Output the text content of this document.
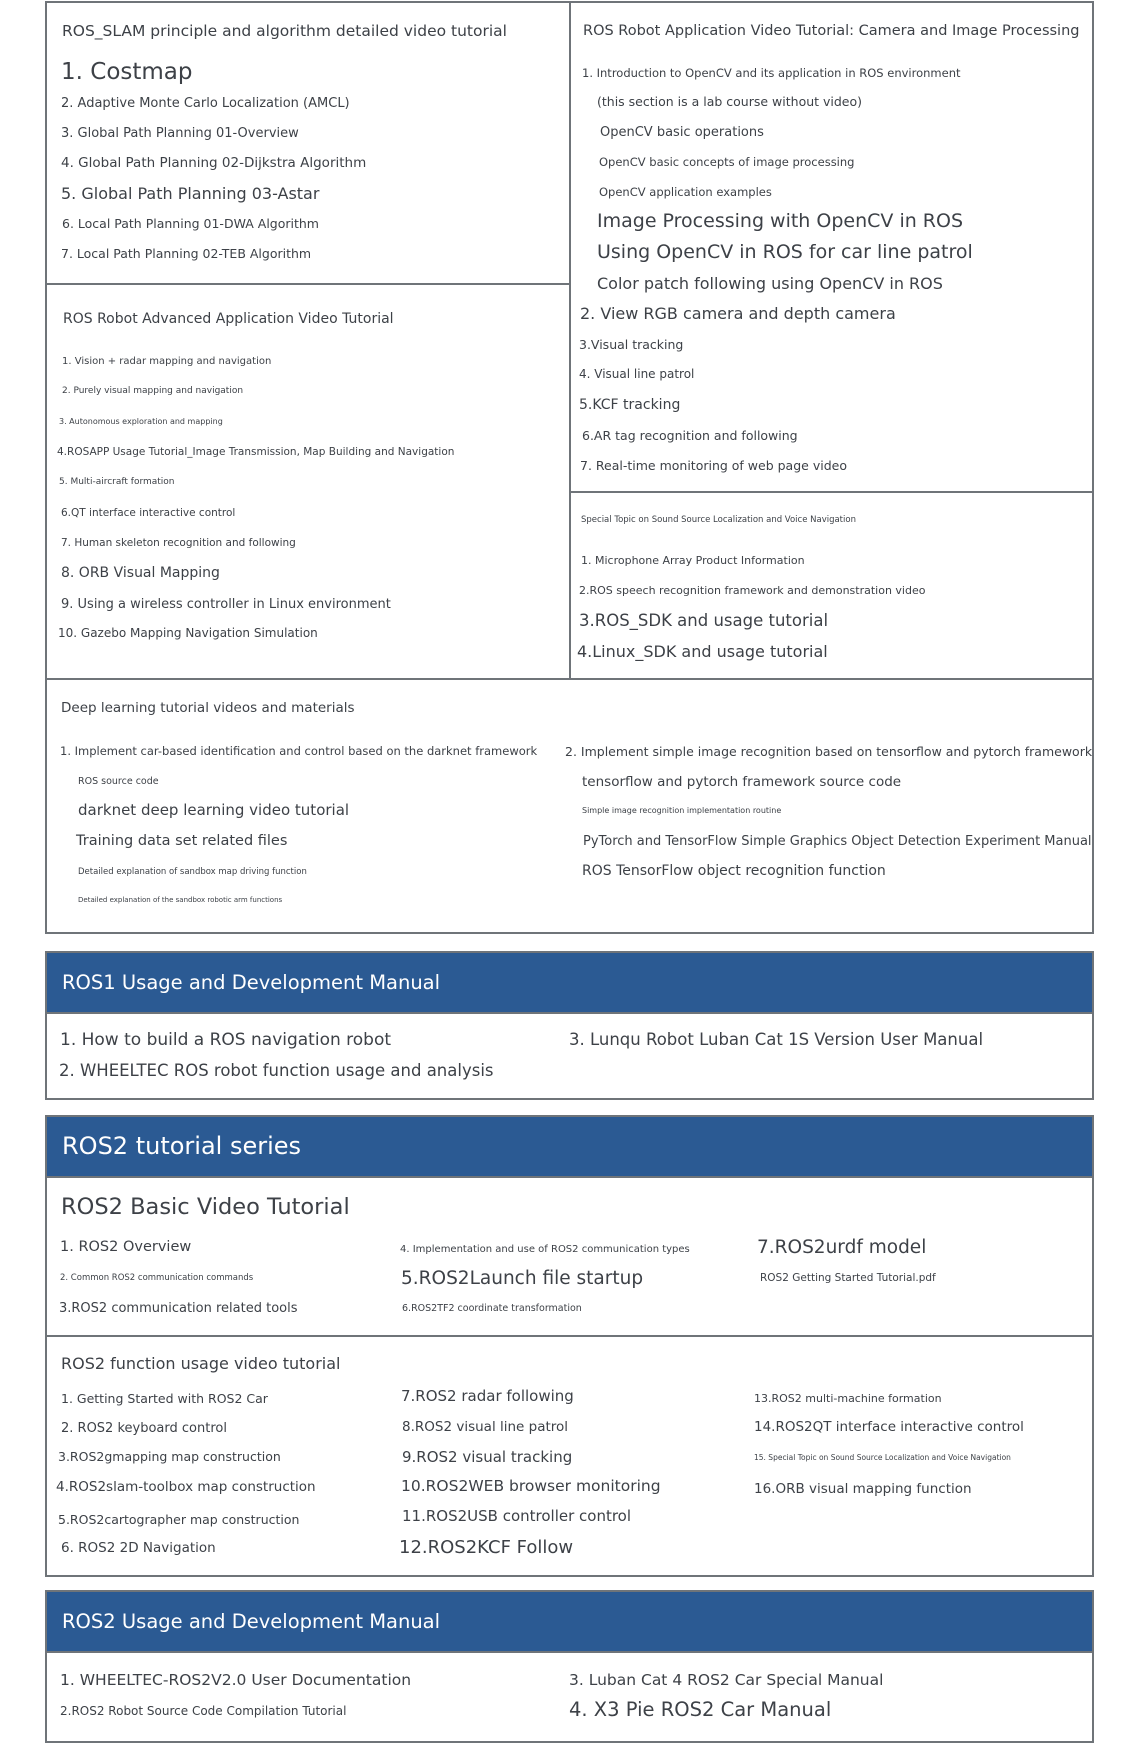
ROS_SLAM principle and algorithm detailed video tutorial
1. Costmap
2. Adaptive Monte Carlo Localization (AMCL)
3. Global Path Planning 01-Overview
4. Global Path Planning 02-Dijkstra Algorithm
5. Global Path Planning 03-Astar
6. Local Path Planning 01-DWA Algorithm
7. Local Path Planning 02-TEB Algorithm
ROS Robot Advanced Application Video Tutorial
1. Vision + radar mapping and navigation
2. Purely visual mapping and navigation
3. Autonomous exploration and mapping
4.ROSAPP Usage Tutorial_Image Transmission, Map Building and Navigation
5. Multi-aircraft formation
6.QT interface interactive control
7. Human skeleton recognition and following
8. ORB Visual Mapping
9. Using a wireless controller in Linux environment
10. Gazebo Mapping Navigation Simulation
ROS Robot Application Video Tutorial: Camera and Image Processing
1. Introduction to OpenCV and its application in ROS environment
(this section is a lab course without video)
OpenCV basic operations
OpenCV basic concepts of image processing
OpenCV application examples
Image Processing with OpenCV in ROS
Using OpenCV in ROS for car line patrol
Color patch following using OpenCV in ROS
2. View RGB camera and depth camera
3.Visual tracking
4. Visual line patrol
5.KCF tracking
6.AR tag recognition and following
7. Real-time monitoring of web page video
Special Topic on Sound Source Localization and Voice Navigation
1. Microphone Array Product Information
2.ROS speech recognition framework and demonstration video
3.ROS_SDK and usage tutorial
4.Linux_SDK and usage tutorial
Deep learning tutorial videos and materials
1. Implement car-based identification and control based on the darknet framework
ROS source code
darknet deep learning video tutorial
Training data set related files
Detailed explanation of sandbox map driving function
Detailed explanation of the sandbox robotic arm functions
2. Implement simple image recognition based on tensorflow and pytorch framework
tensorflow and pytorch framework source code
Simple image recognition implementation routine
PyTorch and TensorFlow Simple Graphics Object Detection Experiment Manual
ROS TensorFlow object recognition function
ROS1 Usage and Development Manual
1. How to build a ROS navigation robot
2. WHEELTEC ROS robot function usage and analysis
3. Lunqu Robot Luban Cat 1S Version User Manual
ROS2 tutorial series
ROS2 Basic Video Tutorial
1. ROS2 Overview
2. Common ROS2 communication commands
3.ROS2 communication related tools
4. Implementation and use of ROS2 communication types
5.ROS2Launch file startup
6.ROS2TF2 coordinate transformation
7.ROS2urdf model
ROS2 Getting Started Tutorial.pdf
ROS2 function usage video tutorial
1. Getting Started with ROS2 Car
2. ROS2 keyboard control
3.ROS2gmapping map construction
4.ROS2slam-toolbox map construction
5.ROS2cartographer map construction
6. ROS2 2D Navigation
7.ROS2 radar following
8.ROS2 visual line patrol
9.ROS2 visual tracking
10.ROS2WEB browser monitoring
11.ROS2USB controller control
12.ROS2KCF Follow
13.ROS2 multi-machine formation
14.ROS2QT interface interactive control
15. Special Topic on Sound Source Localization and Voice Navigation
16.ORB visual mapping function
ROS2 Usage and Development Manual
1. WHEELTEC-ROS2V2.0 User Documentation
2.ROS2 Robot Source Code Compilation Tutorial
3. Luban Cat 4 ROS2 Car Special Manual
4. X3 Pie ROS2 Car Manual
